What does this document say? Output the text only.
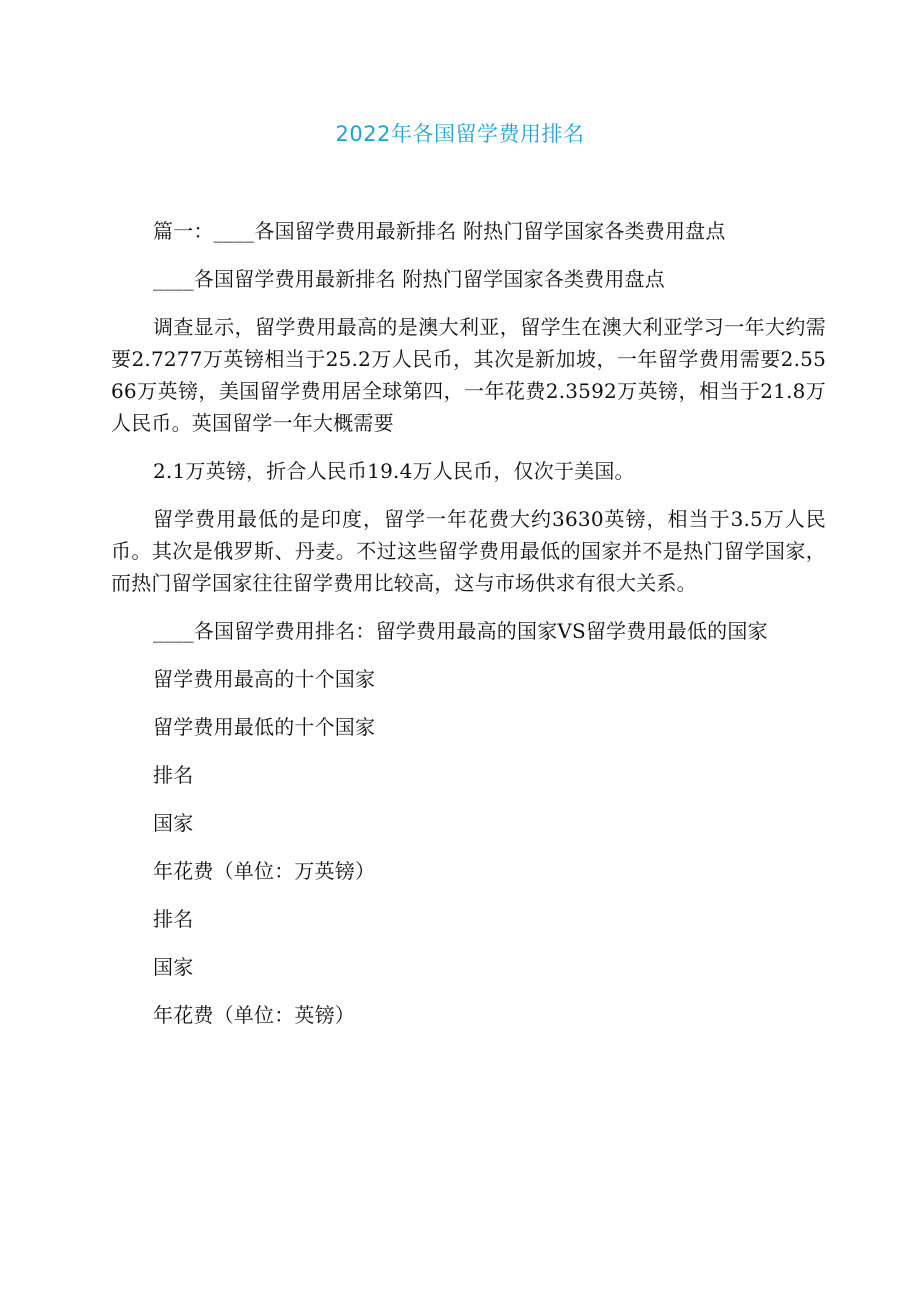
2022年各国留学费用排名

篇一：____各国留学费用最新排名 附热门留学国家各类费用盘点

____各国留学费用最新排名 附热门留学国家各类费用盘点

调查显示，留学费用最高的是澳大利亚，留学生在澳大利亚学习一年大约需要2.7277万英镑相当于25.2万人民币，其次是新加坡，一年留学费用需要2.5566万英镑，美国留学费用居全球第四，一年花费2.3592万英镑，相当于21.8万人民币。英国留学一年大概需要

2.1万英镑，折合人民币19.4万人民币，仅次于美国。

留学费用最低的是印度，留学一年花费大约3630英镑，相当于3.5万人民币。其次是俄罗斯、丹麦。不过这些留学费用最低的国家并不是热门留学国家，而热门留学国家往往留学费用比较高，这与市场供求有很大关系。

____各国留学费用排名：留学费用最高的国家VS留学费用最低的国家

留学费用最高的十个国家
留学费用最低的十个国家
排名
国家
年花费（单位：万英镑）
排名
国家
年花费（单位：英镑）
